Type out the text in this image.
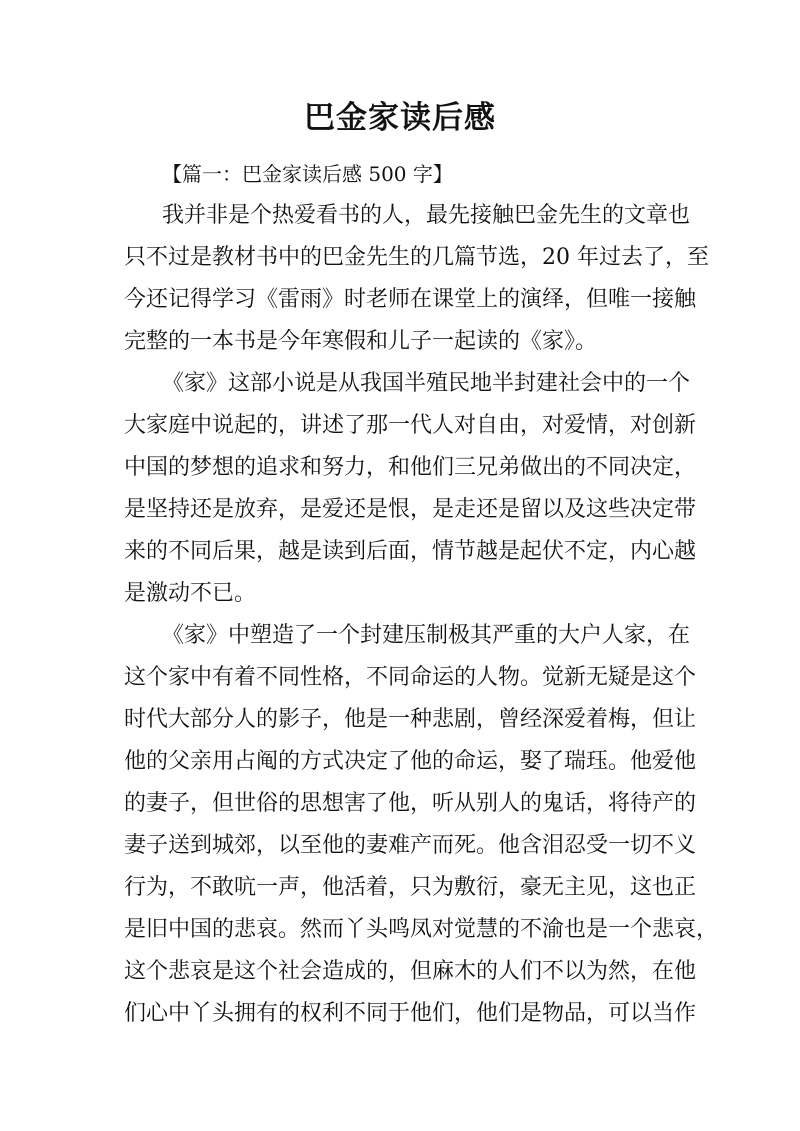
巴金家读后感
【篇一：巴金家读后感 500 字】
我并非是个热爱看书的人，最先接触巴金先生的文章也
只不过是教材书中的巴金先生的几篇节选，20 年过去了，至
今还记得学习《雷雨》时老师在课堂上的演绎，但唯一接触
完整的一本书是今年寒假和儿子一起读的《家》。
《家》这部小说是从我国半殖民地半封建社会中的一个
大家庭中说起的，讲述了那一代人对自由，对爱情，对创新
中国的梦想的追求和努力，和他们三兄弟做出的不同决定，
是坚持还是放弃，是爱还是恨，是走还是留以及这些决定带
来的不同后果，越是读到后面，情节越是起伏不定，内心越
是激动不已。
《家》中塑造了一个封建压制极其严重的大户人家，在
这个家中有着不同性格，不同命运的人物。觉新无疑是这个
时代大部分人的影子，他是一种悲剧，曾经深爱着梅，但让
他的父亲用占阄的方式决定了他的命运，娶了瑞珏。他爱他
的妻子，但世俗的思想害了他，听从别人的鬼话，将待产的
妻子送到城郊，以至他的妻难产而死。他含泪忍受一切不义
行为，不敢吭一声，他活着，只为敷衍，豪无主见，这也正
是旧中国的悲哀。然而丫头鸣凤对觉慧的不渝也是一个悲哀，
这个悲哀是这个社会造成的，但麻木的人们不以为然，在他
们心中丫头拥有的权利不同于他们，他们是物品，可以当作
